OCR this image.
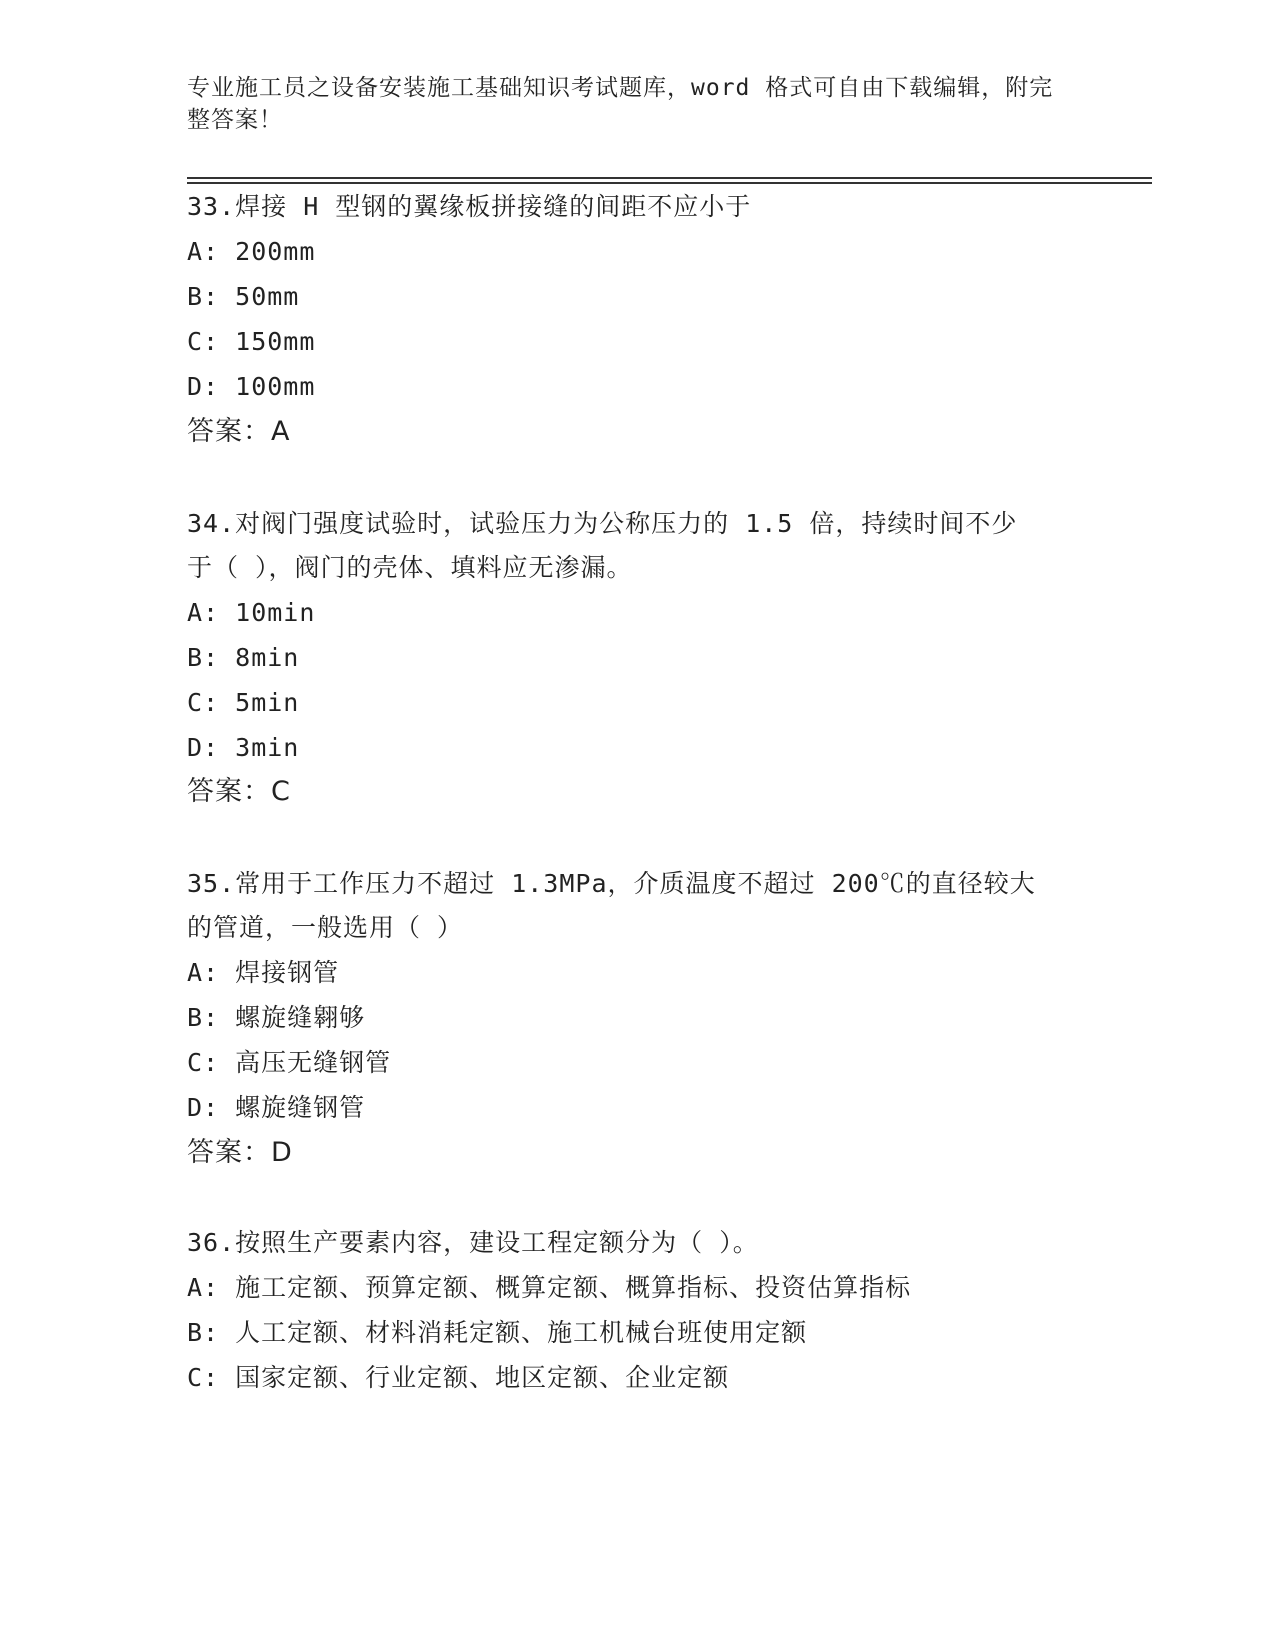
专业施工员之设备安装施工基础知识考试题库，word 格式可自由下载编辑，附完整答案！
33.焊接 H 型钢的翼缘板拼接缝的间距不应小于
A: 200mm
B: 50mm
C: 150mm
D: 100mm
答案：A
34.对阀门强度试验时，试验压力为公称压力的 1.5 倍，持续时间不少
于（ ），阀门的壳体、填料应无渗漏。
A: 10min
B: 8min
C: 5min
D: 3min
答案：C
35.常用于工作压力不超过 1.3MPa，介质温度不超过 200℃的直径较大
的管道，一般选用（ ）
A: 焊接钢管
B: 螺旋缝翱够
C: 高压无缝钢管
D: 螺旋缝钢管
答案：D
36.按照生产要素内容，建设工程定额分为（ ）。
A: 施工定额、预算定额、概算定额、概算指标、投资估算指标
B: 人工定额、材料消耗定额、施工机械台班使用定额
C: 国家定额、行业定额、地区定额、企业定额
